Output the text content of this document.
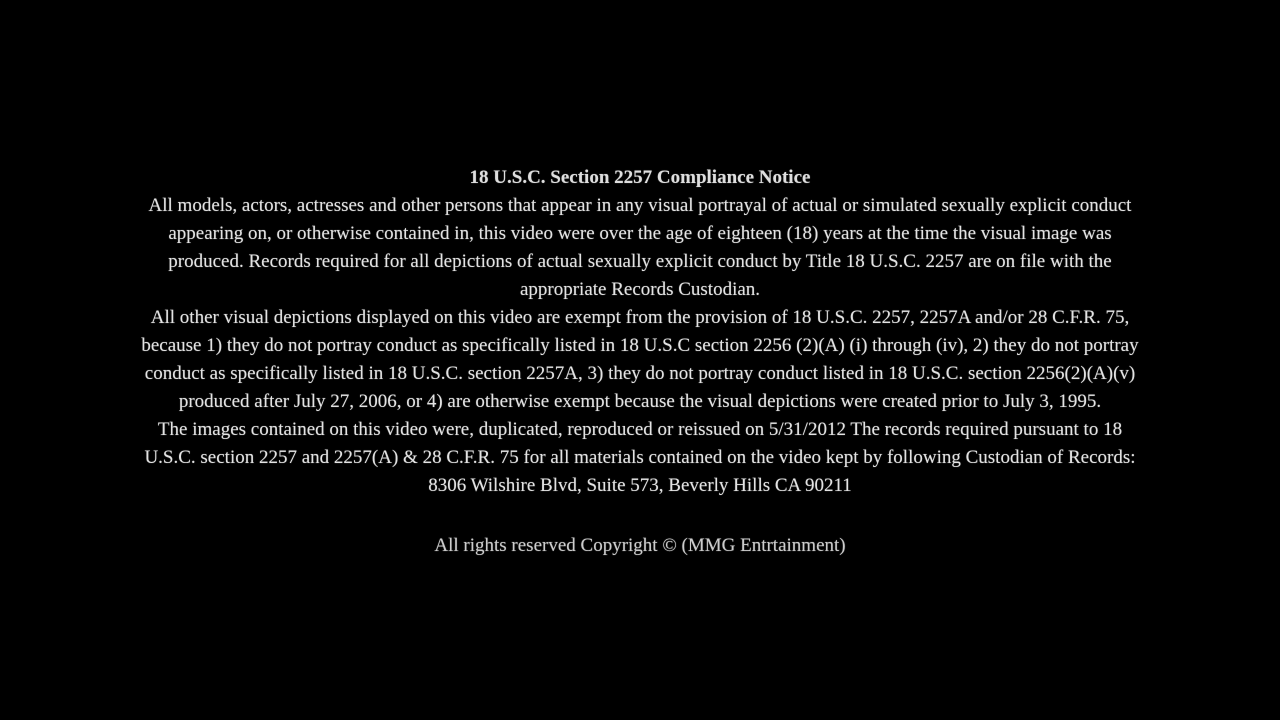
18 U.S.C. Section 2257 Compliance Notice
All models, actors, actresses and other persons that appear in any visual portrayal of actual or simulated sexually explicit conduct
appearing on, or otherwise contained in, this video were over the age of eighteen (18) years at the time the visual image was
produced. Records required for all depictions of actual sexually explicit conduct by Title 18 U.S.C. 2257 are on file with the
appropriate Records Custodian.
All other visual depictions displayed on this video are exempt from the provision of 18 U.S.C. 2257, 2257A and/or 28 C.F.R. 75,
because 1) they do not portray conduct as specifically listed in 18 U.S.C section 2256 (2)(A) (i) through (iv), 2) they do not portray
conduct as specifically listed in 18 U.S.C. section 2257A, 3) they do not portray conduct listed in 18 U.S.C. section 2256(2)(A)(v)
produced after July 27, 2006, or 4) are otherwise exempt because the visual depictions were created prior to July 3, 1995.
The images contained on this video were, duplicated, reproduced or reissued on 5/31/2012 The records required pursuant to 18
U.S.C. section 2257 and 2257(A) & 28 C.F.R. 75 for all materials contained on the video kept by following Custodian of Records:
8306 Wilshire Blvd, Suite 573, Beverly Hills CA 90211
All rights reserved Copyright © (MMG Entrtainment)
